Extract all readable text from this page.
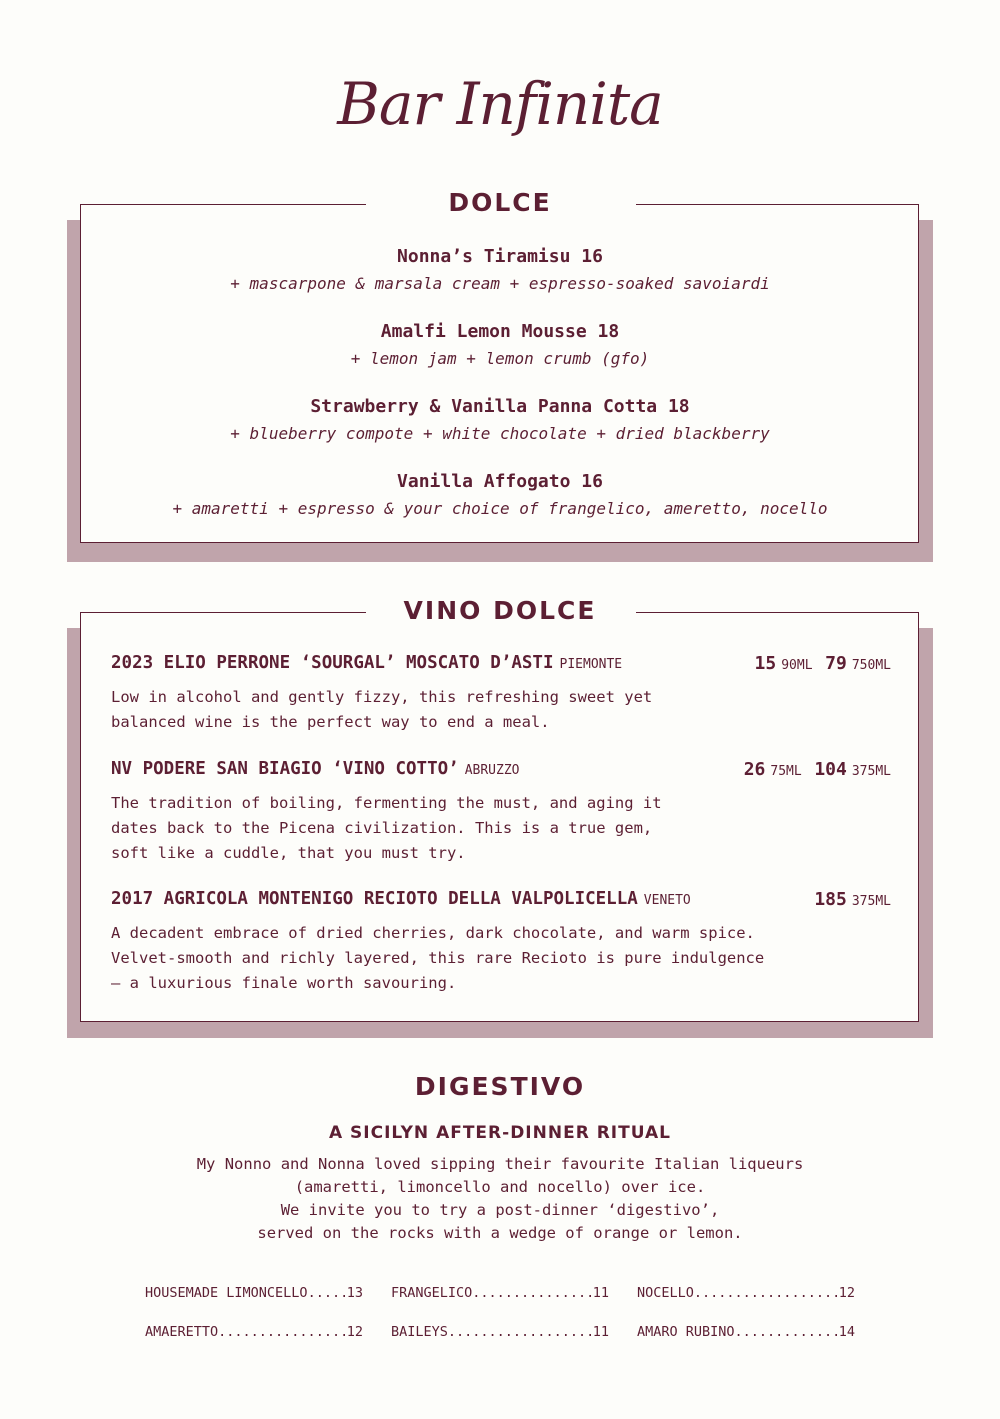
Bar Infinita
DOLCE
Nonna’s Tiramisu 16
+ mascarpone & marsala cream + espresso-soaked savoiardi
Amalfi Lemon Mousse 18
+ lemon jam + lemon crumb (gfo)
Strawberry & Vanilla Panna Cotta 18
+ blueberry compote + white chocolate + dried blackberry
Vanilla Affogato 16
+ amaretti + espresso & your choice of frangelico, ameretto, nocello
VINO DOLCE
2023 ELIO PERRONE ‘SOURGAL’ MOSCATO D’ASTI PIEMONTE	15 90ML 79 750ML
Low in alcohol and gently fizzy, this refreshing sweet yet
balanced wine is the perfect way to end a meal.
NV PODERE SAN BIAGIO ‘VINO COTTO’ ABRUZZO	26 75ML 104 375ML
The tradition of boiling, fermenting the must, and aging it
dates back to the Picena civilization. This is a true gem,
soft like a cuddle, that you must try.
2017 AGRICOLA MONTENIGO RECIOTO DELLA VALPOLICELLA VENETO	185 375ML
A decadent embrace of dried cherries, dark chocolate, and warm spice.
Velvet-smooth and richly layered, this rare Recioto is pure indulgence
— a luxurious finale worth savouring.
DIGESTIVO
A SICILYN AFTER-DINNER RITUAL
My Nonno and Nonna loved sipping their favourite Italian liqueurs
(amaretti, limoncello and nocello) over ice.
We invite you to try a post-dinner ‘digestivo’,
served on the rocks with a wedge of orange or lemon.
HOUSEMADE LIMONCELLO .....	13 FRANGELICO .....	11 NOCELLO .....	12
AMAERETTO .....	12 BAILEYS .....	11 AMARO RUBINO .....	14
